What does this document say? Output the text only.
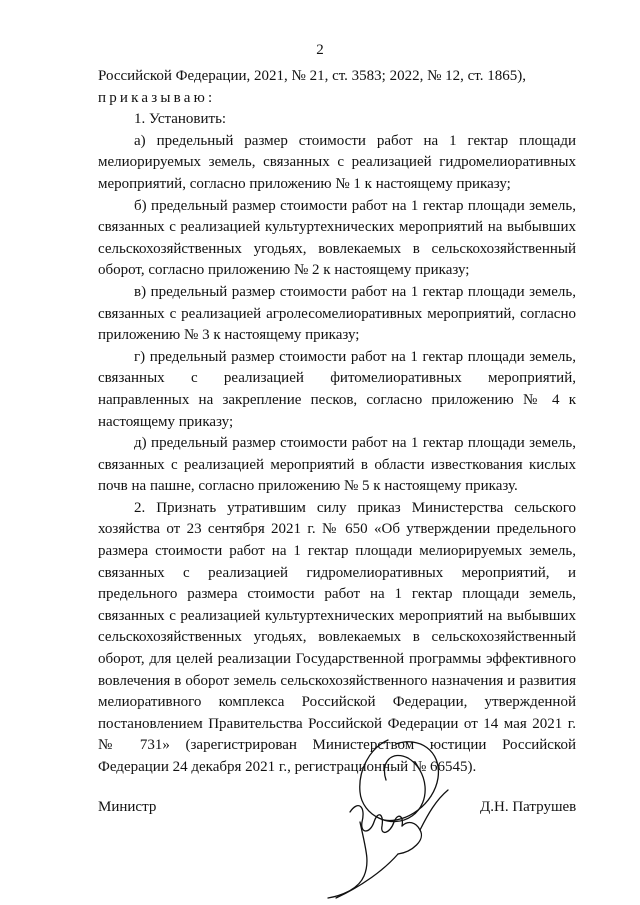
2

Российской Федерации, 2021, № 21, ст. 3583; 2022, № 12, ст. 1865),

приказываю:

1. Установить:

а) предельный размер стоимости работ на 1 гектар площади мелиорируемых земель, связанных с реализацией гидромелиоративных мероприятий, согласно приложению № 1 к настоящему приказу;

б) предельный размер стоимости работ на 1 гектар площади земель, связанных с реализацией культуртехнических мероприятий на выбывших сельскохозяйственных угодьях, вовлекаемых в сельскохозяйственный оборот, согласно приложению № 2 к настоящему приказу;

в) предельный размер стоимости работ на 1 гектар площади земель, связанных с реализацией агролесомелиоративных мероприятий, согласно приложению № 3 к настоящему приказу;

г) предельный размер стоимости работ на 1 гектар площади земель, связанных с реализацией фитомелиоративных мероприятий, направленных на закрепление песков, согласно приложению № 4 к настоящему приказу;

д) предельный размер стоимости работ на 1 гектар площади земель, связанных с реализацией мероприятий в области известкования кислых почв на пашне, согласно приложению № 5 к настоящему приказу.

2. Признать утратившим силу приказ Министерства сельского хозяйства от 23 сентября 2021 г. № 650 «Об утверждении предельного размера стоимости работ на 1 гектар площади мелиорируемых земель, связанных с реализацией гидромелиоративных мероприятий, и предельного размера стоимости работ на 1 гектар площади земель, связанных с реализацией культуртехнических мероприятий на выбывших сельскохозяйственных угодьях, вовлекаемых в сельскохозяйственный оборот, для целей реализации Государственной программы эффективного вовлечения в оборот земель сельскохозяйственного назначения и развития мелиоративного комплекса Российской Федерации, утвержденной постановлением Правительства Российской Федерации от 14 мая 2021 г. № 731» (зарегистрирован Министерством юстиции Российской Федерации 24 декабря 2021 г., регистрационный № 66545).

Министр	Д.Н. Патрушев
